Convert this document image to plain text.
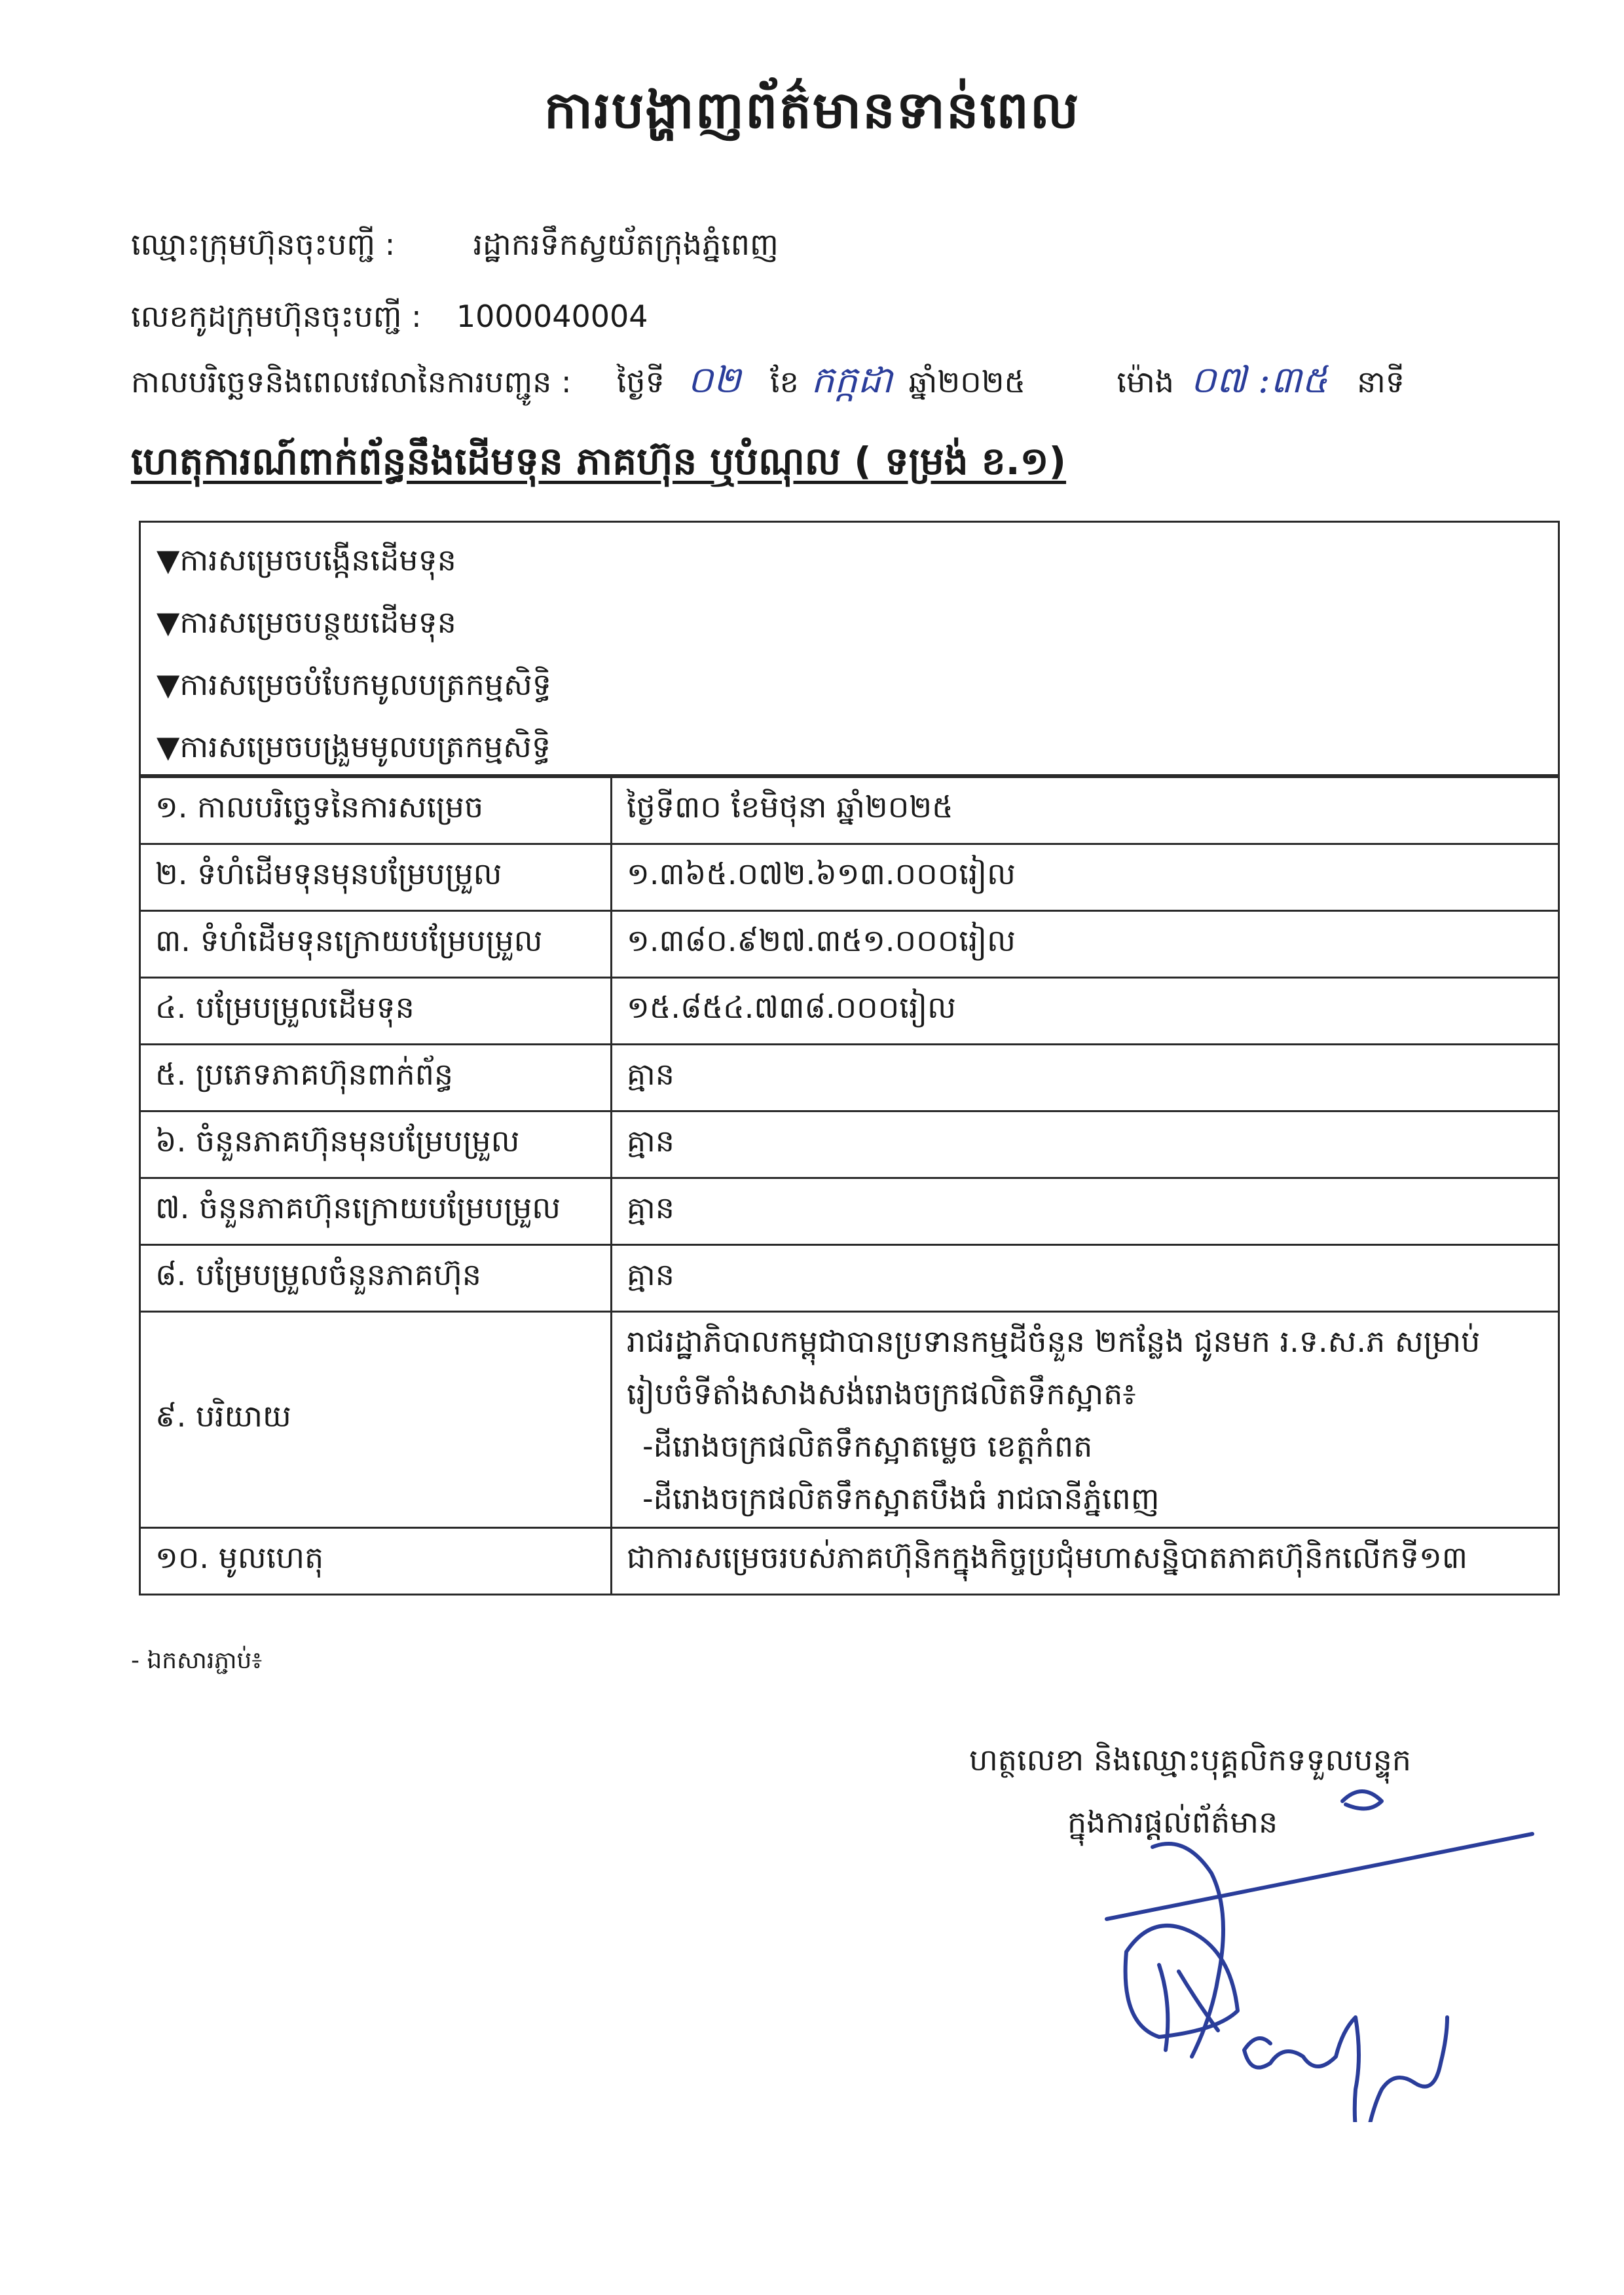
ការបង្ហាញព័ត៌មានទាន់ពេល
ឈ្មោះក្រុមហ៊ុនចុះបញ្ជី :	រដ្ឋាករទឹកស្វយ័តក្រុងភ្នំពេញ
លេខកូដក្រុមហ៊ុនចុះបញ្ជី : 1000040004
កាលបរិច្ឆេទនិងពេលវេលានៃការបញ្ជូន : ថ្ងៃទី ០២ ខែ កក្កដា ឆ្នាំ២០២៥	ម៉ោង ០៧ :៣៥ នាទី
ហេតុការណ៍ពាក់ព័ន្ធនឹងដើមទុន ភាគហ៊ុន ឬបំណុល ( ទម្រង់ ខ.១)
▼ការសម្រេចបង្កើនដើមទុន
▼ការសម្រេចបន្ថយដើមទុន
▼ការសម្រេចបំបែកមូលបត្រកម្មសិទ្ធិ
▼ការសម្រេចបង្រួមមូលបត្រកម្មសិទ្ធិ
១. កាលបរិច្ឆេទនៃការសម្រេច	ថ្ងៃទី៣០ ខែមិថុនា ឆ្នាំ២០២៥
២. ទំហំដើមទុនមុនបម្រែបម្រួល	១.៣៦៥.០៧២.៦១៣.០០០រៀល
៣. ទំហំដើមទុនក្រោយបម្រែបម្រួល	១.៣៨០.៩២៧.៣៥១.០០០រៀល
៤. បម្រែបម្រួលដើមទុន	១៥.៨៥៤.៧៣៨.០០០រៀល
៥. ប្រភេទភាគហ៊ុនពាក់ព័ន្ធ	គ្មាន
៦. ចំនួនភាគហ៊ុនមុនបម្រែបម្រួល	គ្មាន
៧. ចំនួនភាគហ៊ុនក្រោយបម្រែបម្រួល	គ្មាន
៨. បម្រែបម្រួលចំនួនភាគហ៊ុន	គ្មាន
៩. បរិយាយ	រាជរដ្ឋាភិបាលកម្ពុជាបានប្រទានកម្មដីចំនួន ២កន្លែង ជូនមក រ.ទ.ស.ភ សម្រាប់
រៀបចំទីតាំងសាងសង់រោងចក្រផលិតទឹកស្អាត៖
-ដីរោងចក្រផលិតទឹកស្អាតម្លេច ខេត្តកំពត
-ដីរោងចក្រផលិតទឹកស្អាតបឹងធំ រាជធានីភ្នំពេញ

១០. មូលហេតុ	ជាការសម្រេចរបស់ភាគហ៊ុនិកក្នុងកិច្ចប្រជុំមហាសន្និបាតភាគហ៊ុនិកលើកទី១៣
- ឯកសារភ្ជាប់៖
ហត្ថលេខា និងឈ្មោះបុគ្គលិកទទួលបន្ទុក
ក្នុងការផ្តល់ព័ត៌មាន
